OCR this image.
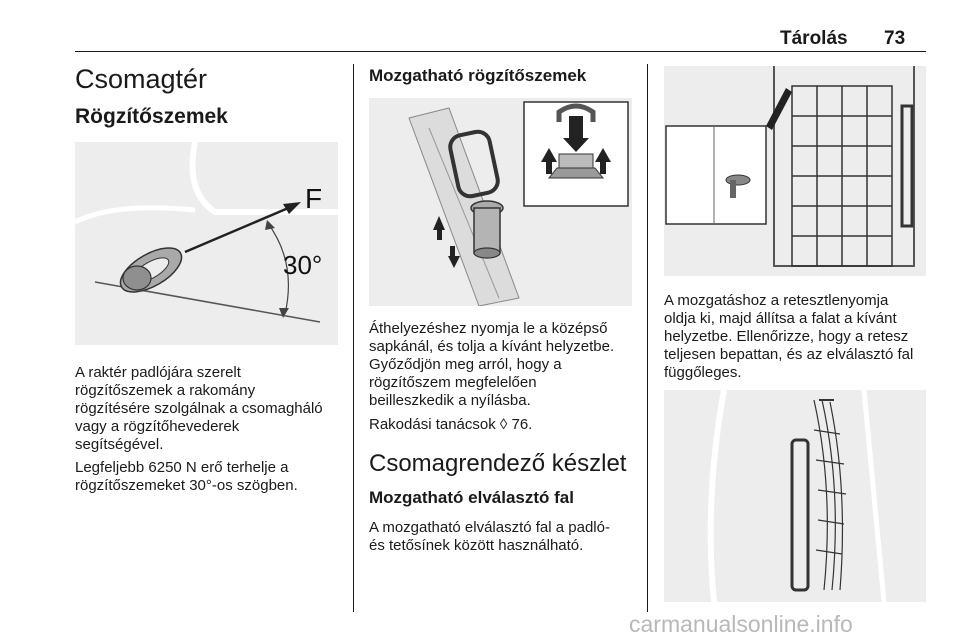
Tárolás 73
Csomagtér
Rögzítőszemek
F
30°
A raktér padlójára szerelt
rögzítőszemek a rakomány
rögzítésére szolgálnak a csomagháló
vagy a rögzítőhevederek
segítségével.
Legfeljebb 6250 N erő terhelje a
rögzítőszemeket 30°-os szögben.
Mozgatható rögzítőszemek
Áthelyezéshez nyomja le a középső
sapkánál, és tolja a kívánt helyzetbe.
Győződjön meg arról, hogy a
rögzítőszem megfelelően
beilleszkedik a nyílásba.
Rakodási tanácsok ◊ 76.
Csomagrendező készlet
Mozgatható elválasztó fal
A mozgatható elválasztó fal a padló-
és tetősínek között használható.
A mozgatáshoz a retesztlenyomja
oldja ki, majd állítsa a falat a kívánt
helyzetbe. Ellenőrizze, hogy a retesz
teljesen bepattan, és az elválasztó fal
függőleges.
carmanualsonline.info
